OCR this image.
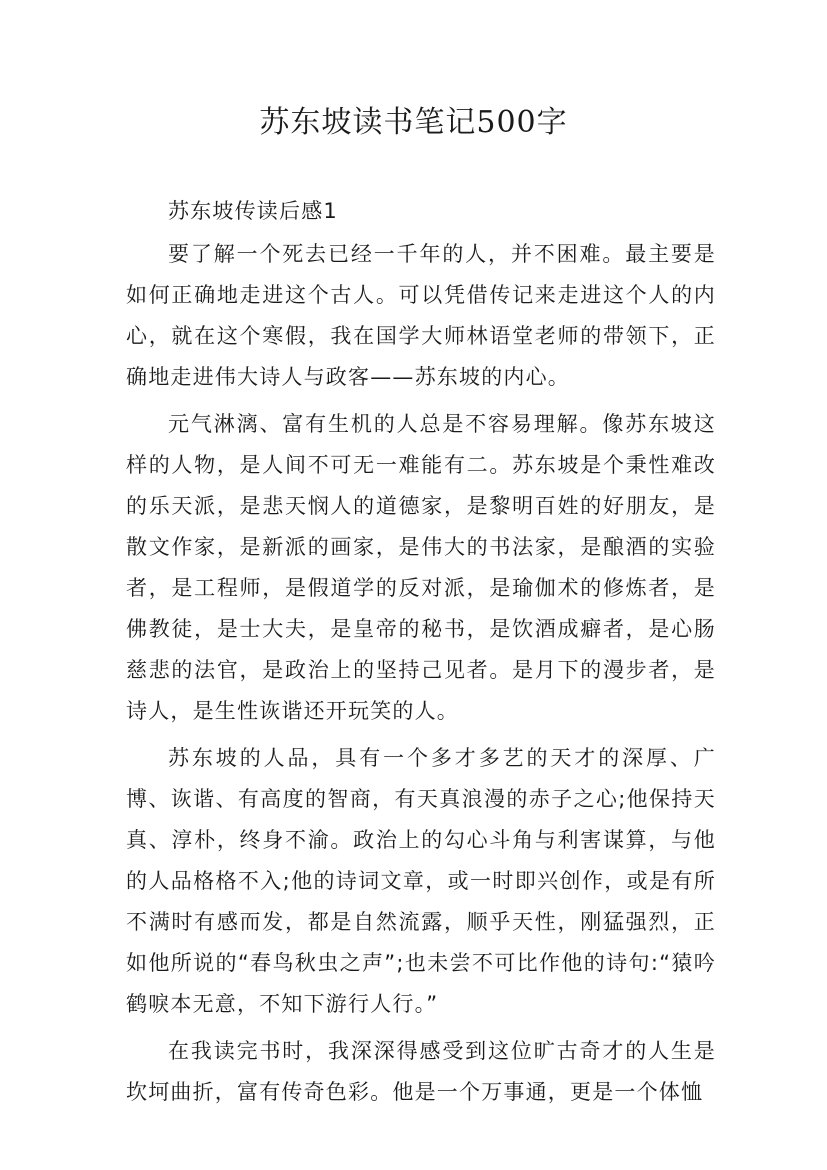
苏东坡读书笔记500字

苏东坡传读后感1

要了解一个死去已经一千年的人，并不困难。最主要是如何正确地走进这个古人。可以凭借传记来走进这个人的内心，就在这个寒假，我在国学大师林语堂老师的带领下，正确地走进伟大诗人与政客——苏东坡的内心。

元气淋漓、富有生机的人总是不容易理解。像苏东坡这样的人物，是人间不可无一难能有二。苏东坡是个秉性难改的乐天派，是悲天悯人的道德家，是黎明百姓的好朋友，是散文作家，是新派的画家，是伟大的书法家，是酿酒的实验者，是工程师，是假道学的反对派，是瑜伽术的修炼者，是佛教徒，是士大夫，是皇帝的秘书，是饮酒成癖者，是心肠慈悲的法官，是政治上的坚持己见者。是月下的漫步者，是诗人，是生性诙谐还开玩笑的人。

苏东坡的人品，具有一个多才多艺的天才的深厚、广博、诙谐、有高度的智商，有天真浪漫的赤子之心;他保持天真、淳朴，终身不渝。政治上的勾心斗角与利害谋算，与他的人品格格不入;他的诗词文章，或一时即兴创作，或是有所不满时有感而发，都是自然流露，顺乎天性，刚猛强烈，正如他所说的“春鸟秋虫之声”;也未尝不可比作他的诗句:“猿吟鹤唳本无意，不知下游行人行。”

在我读完书时，我深深得感受到这位旷古奇才的人生是坎坷曲折，富有传奇色彩。他是一个万事通，更是一个体恤
